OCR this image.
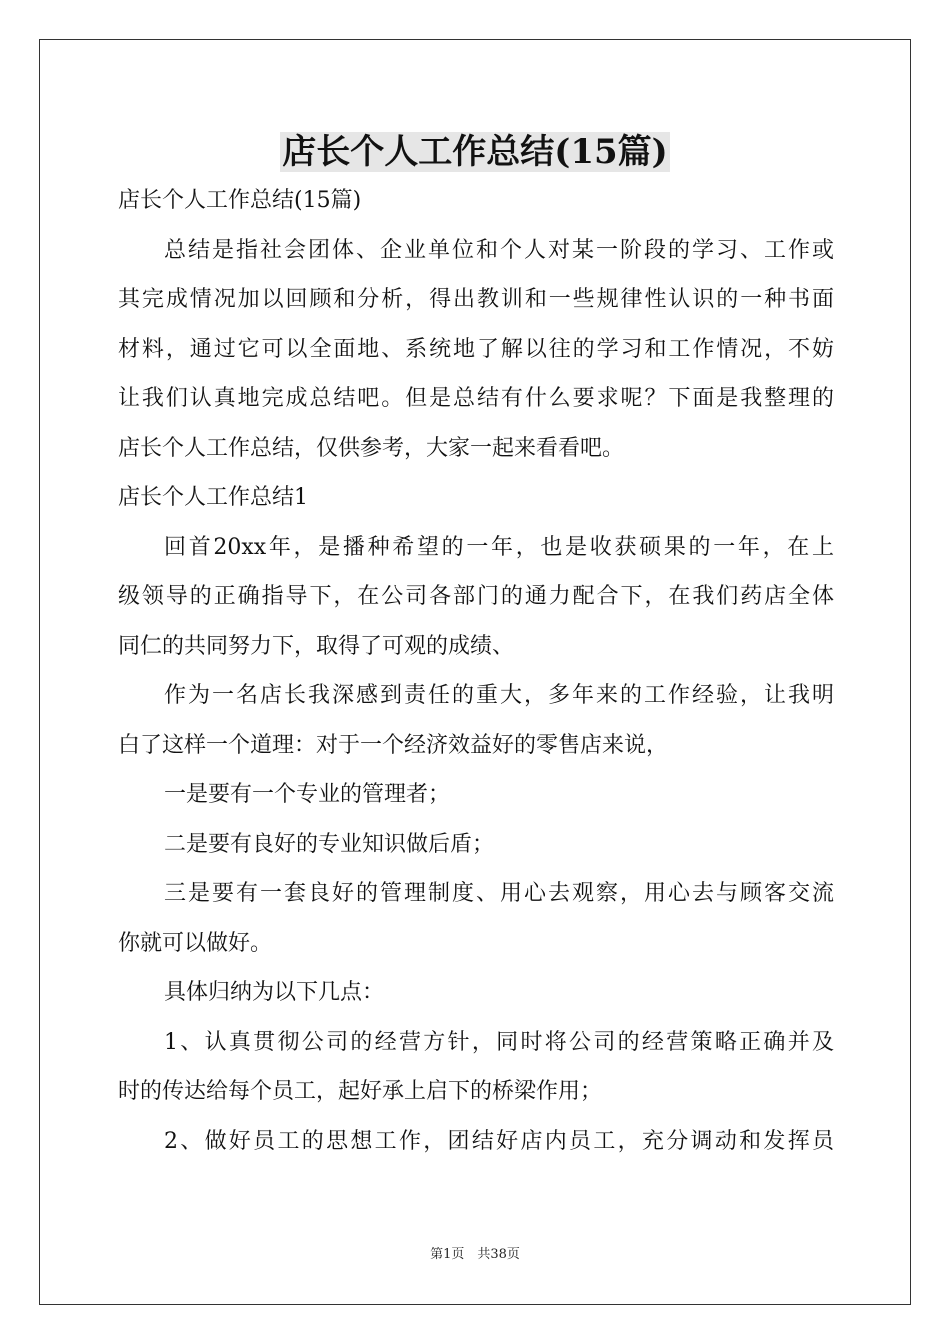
店长个人工作总结(15篇)

店长个人工作总结(15篇)

总结是指社会团体、企业单位和个人对某一阶段的学习、工作或

其完成情况加以回顾和分析，得出教训和一些规律性认识的一种书面

材料，通过它可以全面地、系统地了解以往的学习和工作情况，不妨

让我们认真地完成总结吧。但是总结有什么要求呢？下面是我整理的

店长个人工作总结，仅供参考，大家一起来看看吧。

店长个人工作总结1

回首20xx年，是播种希望的一年，也是收获硕果的一年，在上

级领导的正确指导下，在公司各部门的通力配合下，在我们药店全体

同仁的共同努力下，取得了可观的成绩、

作为一名店长我深感到责任的重大，多年来的工作经验，让我明

白了这样一个道理：对于一个经济效益好的零售店来说，

一是要有一个专业的管理者；

二是要有良好的专业知识做后盾；

三是要有一套良好的管理制度、用心去观察，用心去与顾客交流

你就可以做好。

具体归纳为以下几点：

1、认真贯彻公司的经营方针，同时将公司的经营策略正确并及

时的传达给每个员工，起好承上启下的桥梁作用；

2、做好员工的思想工作，团结好店内员工，充分调动和发挥员

第1页　共38页
